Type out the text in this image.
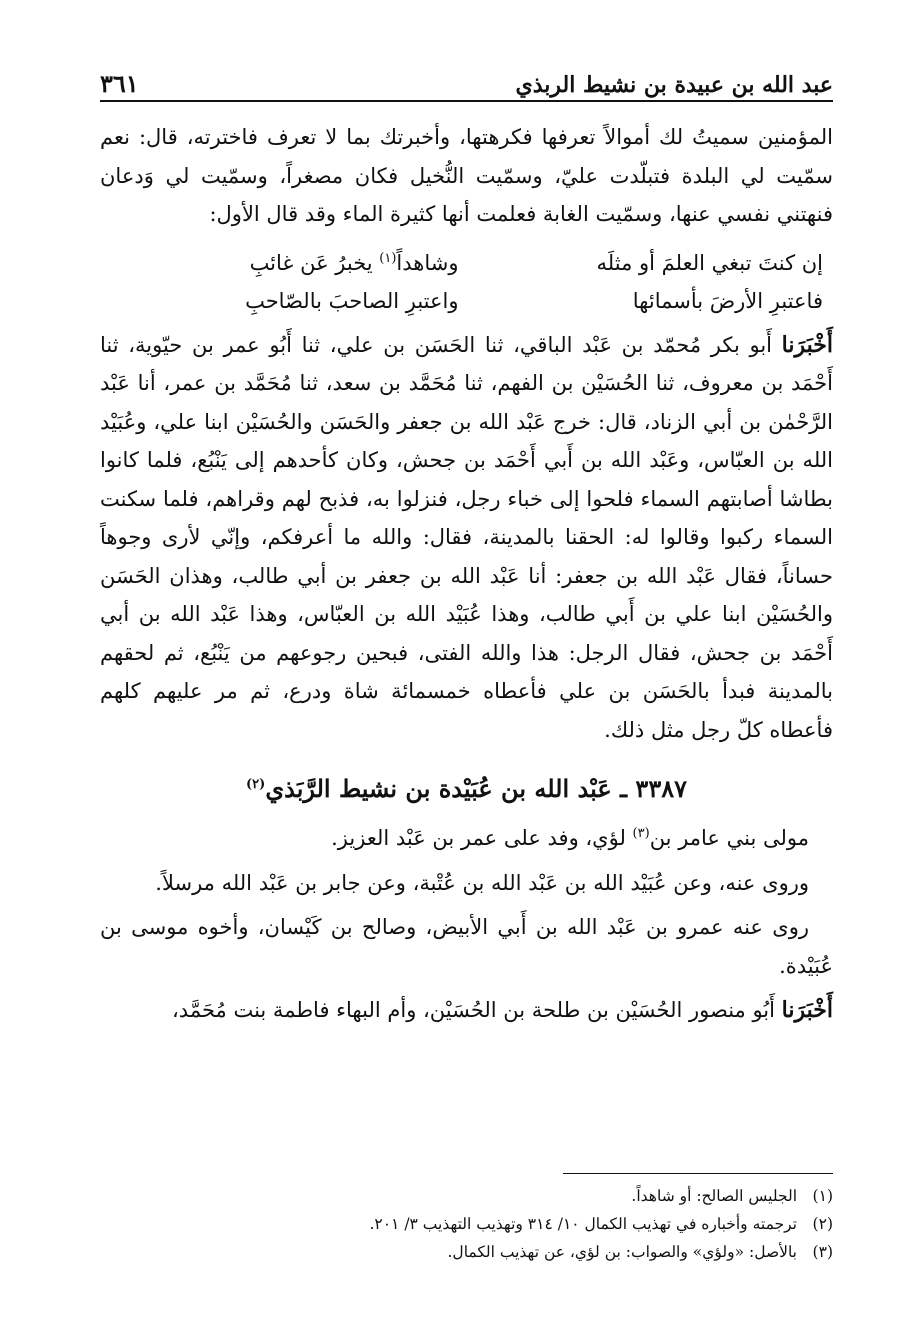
عبد الله بن عبيدة بن نشيط الربذي
٣٦١

المؤمنين سميتُ لك أموالاً تعرفها فكرهتها، وأخبرتك بما لا تعرف فاخترته، قال: نعم سمّيت لي البلدة فتبلّدت عليّ، وسمّيت النُّخيل فكان مصغراً، وسمّيت لي وَدعان فنهتني نفسي عنها، وسمّيت الغابة فعلمت أنها كثيرة الماء وقد قال الأول:

إن كنتَ تبغي العلمَ أو مثلَه
وشاهداً$^{(١)}$ يخبرُ عَن غائبِ
فاعتبرِ الأرضَ بأسمائها
واعتبرِ الصاحبَ بالصّاحبِ

أَخْبَرَنا أَبو بكر مُحمّد بن عَبْد الباقي، ثنا الحَسَن بن علي، ثنا أَبُو عمر بن حيّوية، ثنا أَحْمَد بن معروف، ثنا الحُسَيْن بن الفهم، ثنا مُحَمَّد بن سعد، ثنا مُحَمَّد بن عمر، أنا عَبْد الرَّحْمٰن بن أبي الزناد، قال: خرج عَبْد الله بن جعفر والحَسَن والحُسَيْن ابنا علي، وعُبَيْد الله بن العبّاس، وعَبْد الله بن أَبي أَحْمَد بن جحش، وكان كأحدهم إلى يَنْبُع، فلما كانوا بطاشا أصابتهم السماء فلحوا إلى خباء رجل، فنزلوا به، فذبح لهم وقراهم، فلما سكنت السماء ركبوا وقالوا له: الحقنا بالمدينة، فقال: والله ما أعرفكم، وإنّي لأرى وجوهاً حساناً، فقال عَبْد الله بن جعفر: أنا عَبْد الله بن جعفر بن أبي طالب، وهذان الحَسَن والحُسَيْن ابنا علي بن أَبي طالب، وهذا عُبَيْد الله بن العبّاس، وهذا عَبْد الله بن أبي أَحْمَد بن جحش، فقال الرجل: هذا والله الفتى، فبحين رجوعهم من يَنْبُع، ثم لحقهم بالمدينة فبدأ بالحَسَن بن علي فأعطاه خمسمائة شاة ودرع، ثم مر عليهم كلهم فأعطاه كلّ رجل مثل ذلك.

٣٣٨٧ ـ عَبْد الله بن عُبَيْدة بن نشيط الرَّبَذي$^{(٢)}$

مولى بني عامر بن$^{(٣)}$ لؤي، وفد على عمر بن عَبْد العزيز.

وروى عنه، وعن عُبَيْد الله بن عَبْد الله بن عُتْبة، وعن جابر بن عَبْد الله مرسلاً.

روى عنه عمرو بن عَبْد الله بن أَبي الأبيض، وصالح بن كَيْسان، وأخوه موسى بن عُبَيْدة.

أَخْبَرَنا أَبُو منصور الحُسَيْن بن طلحة بن الحُسَيْن، وأم البهاء فاطمة بنت مُحَمَّد،

(١)
الجليس الصالح: أو شاهداً.
(٢)
ترجمته وأخباره في تهذيب الكمال ١٠/ ٣١٤ وتهذيب التهذيب ٣/ ٢٠١.
(٣)
بالأصل: «ولؤي» والصواب: بن لؤي، عن تهذيب الكمال.
